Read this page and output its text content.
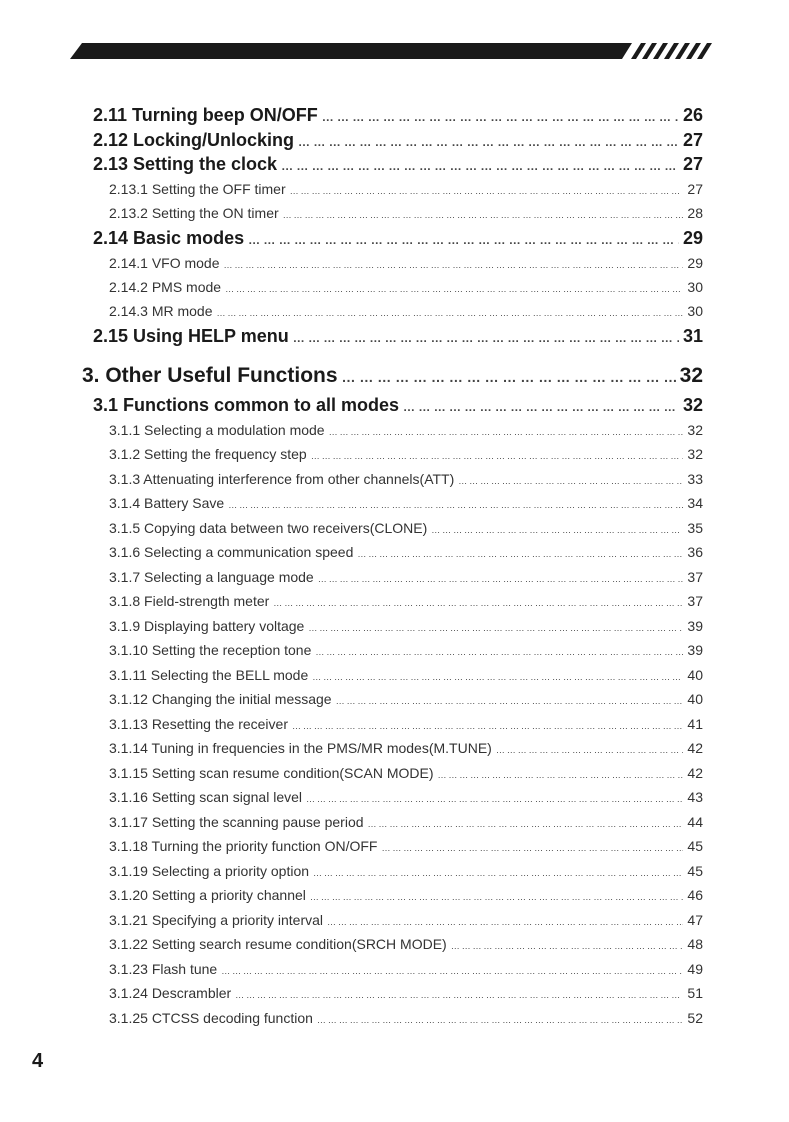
2.11 Turning beep ON/OFF … … … … … … … … … … … … … … … … … … … … … … … … … … … … … … … … … … … … … … … … … … … … … … … … … … … … … … … … … … … … … … … … … … … … … … … … … …	26
2.12 Locking/Unlocking … … … … … … … … … … … … … … … … … … … … … … … … … … … … … … … … … … … … … … … … … … … … … … … … … … … … … … … … … … … … … … … … … … … … … … … … … …	27
2.13 Setting the clock … … … … … … … … … … … … … … … … … … … … … … … … … … … … … … … … … … … … … … … … … … … … … … … … … … … … … … … … … … … … … … … … … … … … … … … … … …	27
2.13.1 Setting the OFF timer … … … … … … … … … … … … … … … … … … … … … … … … … … … … … … … … … … … … … … … … … … … … … … … … … … … … … … … … … … … … … … … … … … … … … … … … … …	27
2.13.2 Setting the ON timer … … … … … … … … … … … … … … … … … … … … … … … … … … … … … … … … … … … … … … … … … … … … … … … … … … … … … … … … … … … … … … … … … … … … … … … … … …	28
2.14 Basic modes … … … … … … … … … … … … … … … … … … … … … … … … … … … … … … … … … … … … … … … … … … … … … … … … … … … … … … … … … … … … … … … … … … … … … … … … … …	29
2.14.1 VFO mode … … … … … … … … … … … … … … … … … … … … … … … … … … … … … … … … … … … … … … … … … … … … … … … … … … … … … … … … … … … … … … … … … … … … … … … … … …	29
2.14.2 PMS mode … … … … … … … … … … … … … … … … … … … … … … … … … … … … … … … … … … … … … … … … … … … … … … … … … … … … … … … … … … … … … … … … … … … … … … … … … …	30
2.14.3 MR mode … … … … … … … … … … … … … … … … … … … … … … … … … … … … … … … … … … … … … … … … … … … … … … … … … … … … … … … … … … … … … … … … … … … … … … … … … …	30
2.15 Using HELP menu … … … … … … … … … … … … … … … … … … … … … … … … … … … … … … … … … … … … … … … … … … … … … … … … … … … … … … … … … … … … … … … … … … … … … … … … … …	31
3. Other Useful Functions … … … … … … … … … … … … … … … … … … … … … … … … … … … … … … … … … … … … … … … … … … … … … … … … … … … … … … … … … … … … … … … … … … … … … … … … … …	32
3.1 Functions common to all modes … … … … … … … … … … … … … … … … … … … … … … … … … … … … … … … … … … … … … … … … … … … … … … … … … … … … … … … … … … … … … … … … … … … … … … … … … …	32
3.1.1 Selecting a modulation mode … … … … … … … … … … … … … … … … … … … … … … … … … … … … … … … … … … … … … … … … … … … … … … … … … … … … … … … … … … … … … … … … … … … … … … … … … …	32
3.1.2 Setting the frequency step … … … … … … … … … … … … … … … … … … … … … … … … … … … … … … … … … … … … … … … … … … … … … … … … … … … … … … … … … … … … … … … … … … … … … … … … … …	32
3.1.3 Attenuating interference from other channels(ATT) … … … … … … … … … … … … … … … … … … … … … … … … … … … … … … … … … … … … … … … … … … … … … … … … … … … … … … … … … … … … … … … … … … … … … … … … … …	33
3.1.4 Battery Save … … … … … … … … … … … … … … … … … … … … … … … … … … … … … … … … … … … … … … … … … … … … … … … … … … … … … … … … … … … … … … … … … … … … … … … … … …	34
3.1.5 Copying data between two receivers(CLONE) … … … … … … … … … … … … … … … … … … … … … … … … … … … … … … … … … … … … … … … … … … … … … … … … … … … … … … … … … … … … … … … … … … … … … … … … … …	35
3.1.6 Selecting a communication speed … … … … … … … … … … … … … … … … … … … … … … … … … … … … … … … … … … … … … … … … … … … … … … … … … … … … … … … … … … … … … … … … … … … … … … … … … …	36
3.1.7 Selecting a language mode … … … … … … … … … … … … … … … … … … … … … … … … … … … … … … … … … … … … … … … … … … … … … … … … … … … … … … … … … … … … … … … … … … … … … … … … … …	37
3.1.8 Field-strength meter … … … … … … … … … … … … … … … … … … … … … … … … … … … … … … … … … … … … … … … … … … … … … … … … … … … … … … … … … … … … … … … … … … … … … … … … … …	37
3.1.9 Displaying battery voltage … … … … … … … … … … … … … … … … … … … … … … … … … … … … … … … … … … … … … … … … … … … … … … … … … … … … … … … … … … … … … … … … … … … … … … … … … …	39
3.1.10 Setting the reception tone … … … … … … … … … … … … … … … … … … … … … … … … … … … … … … … … … … … … … … … … … … … … … … … … … … … … … … … … … … … … … … … … … … … … … … … … … …	39
3.1.11 Selecting the BELL mode … … … … … … … … … … … … … … … … … … … … … … … … … … … … … … … … … … … … … … … … … … … … … … … … … … … … … … … … … … … … … … … … … … … … … … … … … …	40
3.1.12 Changing the initial message … … … … … … … … … … … … … … … … … … … … … … … … … … … … … … … … … … … … … … … … … … … … … … … … … … … … … … … … … … … … … … … … … … … … … … … … … …	40
3.1.13 Resetting the receiver … … … … … … … … … … … … … … … … … … … … … … … … … … … … … … … … … … … … … … … … … … … … … … … … … … … … … … … … … … … … … … … … … … … … … … … … … …	41
3.1.14 Tuning in frequencies in the PMS/MR modes(M.TUNE) … … … … … … … … … … … … … … … … … … … … … … … … … … … … … … … … … … … … … … … … … … … … … … … … … … … … … … … … … … … … … … … … … … … … … … … … … …	42
3.1.15 Setting scan resume condition(SCAN MODE) … … … … … … … … … … … … … … … … … … … … … … … … … … … … … … … … … … … … … … … … … … … … … … … … … … … … … … … … … … … … … … … … … … … … … … … … … …	42
3.1.16 Setting scan signal level … … … … … … … … … … … … … … … … … … … … … … … … … … … … … … … … … … … … … … … … … … … … … … … … … … … … … … … … … … … … … … … … … … … … … … … … … …	43
3.1.17 Setting the scanning pause period … … … … … … … … … … … … … … … … … … … … … … … … … … … … … … … … … … … … … … … … … … … … … … … … … … … … … … … … … … … … … … … … … … … … … … … … … …	44
3.1.18 Turning the priority function ON/OFF … … … … … … … … … … … … … … … … … … … … … … … … … … … … … … … … … … … … … … … … … … … … … … … … … … … … … … … … … … … … … … … … … … … … … … … … … …	45
3.1.19 Selecting a priority option … … … … … … … … … … … … … … … … … … … … … … … … … … … … … … … … … … … … … … … … … … … … … … … … … … … … … … … … … … … … … … … … … … … … … … … … … …	45
3.1.20 Setting a priority channel … … … … … … … … … … … … … … … … … … … … … … … … … … … … … … … … … … … … … … … … … … … … … … … … … … … … … … … … … … … … … … … … … … … … … … … … … …	46
3.1.21 Specifying a priority interval … … … … … … … … … … … … … … … … … … … … … … … … … … … … … … … … … … … … … … … … … … … … … … … … … … … … … … … … … … … … … … … … … … … … … … … … … …	47
3.1.22 Setting search resume condition(SRCH MODE) … … … … … … … … … … … … … … … … … … … … … … … … … … … … … … … … … … … … … … … … … … … … … … … … … … … … … … … … … … … … … … … … … … … … … … … … … …	48
3.1.23 Flash tune … … … … … … … … … … … … … … … … … … … … … … … … … … … … … … … … … … … … … … … … … … … … … … … … … … … … … … … … … … … … … … … … … … … … … … … … … …	49
3.1.24 Descrambler … … … … … … … … … … … … … … … … … … … … … … … … … … … … … … … … … … … … … … … … … … … … … … … … … … … … … … … … … … … … … … … … … … … … … … … … … …	51
3.1.25 CTCSS decoding function … … … … … … … … … … … … … … … … … … … … … … … … … … … … … … … … … … … … … … … … … … … … … … … … … … … … … … … … … … … … … … … … … … … … … … … … … …	52
4
